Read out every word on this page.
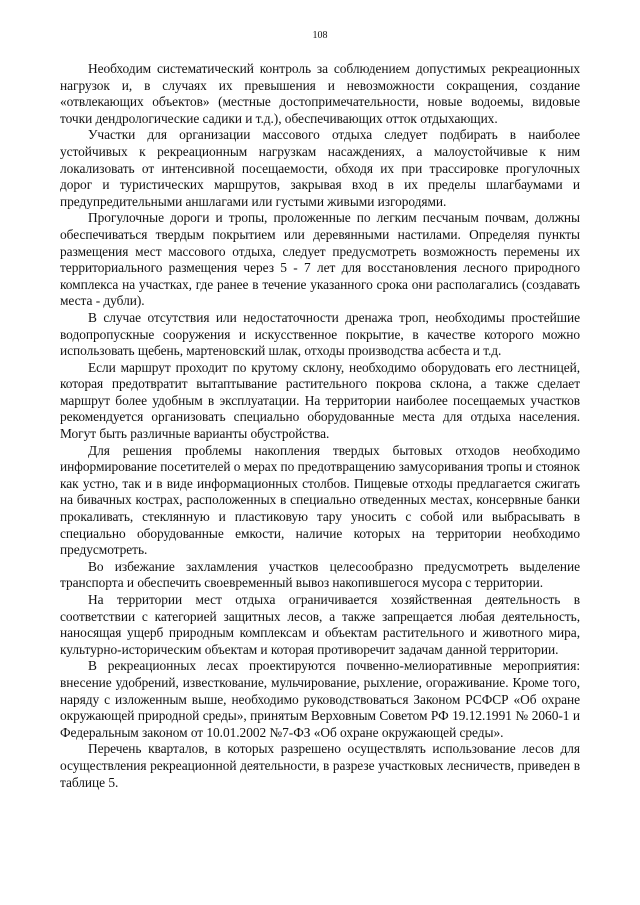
108

Необходим систематический контроль за соблюдением допустимых рекреационных нагрузок и, в случаях их превышения и невозможности сокращения, создание «отвлекающих объектов» (местные достопримечательности, новые водоемы, видовые точки дендрологические садики и т.д.), обеспечивающих отток отдыхающих.

Участки для организации массового отдыха следует подбирать в наиболее устойчивых к рекреационным нагрузкам насаждениях, а малоустойчивые к ним локализовать от интенсивной посещаемости, обходя их при трассировке прогулочных дорог и туристических маршрутов, закрывая вход в их пределы шлагбаумами и предупредительными аншлагами или густыми живыми изгородями.

Прогулочные дороги и тропы, проложенные по легким песчаным почвам, должны обеспечиваться твердым покрытием или деревянными настилами. Определяя пункты размещения мест массового отдыха, следует предусмотреть возможность перемены их территориального размещения через 5 - 7 лет для восстановления лесного природного комплекса на участках, где ранее в течение указанного срока они располагались (создавать места - дубли).

В случае отсутствия или недостаточности дренажа троп, необходимы простейшие водопропускные сооружения и искусственное покрытие, в качестве которого можно использовать щебень, мартеновский шлак, отходы производства асбеста и т.д.

Если маршрут проходит по крутому склону, необходимо оборудовать его лестницей, которая предотвратит вытаптывание растительного покрова склона, а также сделает маршрут более удобным в эксплуатации. На территории наиболее посещаемых участков рекомендуется организовать специально оборудованные места для отдыха населения. Могут быть различные варианты обустройства.

Для решения проблемы накопления твердых бытовых отходов необходимо информирование посетителей о мерах по предотвращению замусоривания тропы и стоянок как устно, так и в виде информационных столбов. Пищевые отходы предлагается сжигать на бивачных кострах, расположенных в специально отведенных местах, консервные банки прокаливать, стеклянную и пластиковую тару уносить с собой или выбрасывать в специально оборудованные емкости, наличие которых на территории необходимо предусмотреть.

Во избежание захламления участков целесообразно предусмотреть выделение транспорта и обеспечить своевременный вывоз накопившегося мусора с территории.

На территории мест отдыха ограничивается хозяйственная деятельность в соответствии с категорией защитных лесов, а также запрещается любая деятельность, наносящая ущерб природным комплексам и объектам растительного и животного мира, культурно-историческим объектам и которая противоречит задачам данной территории.

В рекреационных лесах проектируются почвенно-мелиоративные мероприятия: внесение удобрений, известкование, мульчирование, рыхление, огораживание. Кроме того, наряду с изложенным выше, необходимо руководствоваться Законом РСФСР «Об охране окружающей природной среды», принятым Верховным Советом РФ 19.12.1991 № 2060-1 и Федеральным законом от 10.01.2002 №7-ФЗ «Об охране окружающей среды».

Перечень кварталов, в которых разрешено осуществлять использование лесов для осуществления рекреационной деятельности, в разрезе участковых лесничеств, приведен в таблице 5.
